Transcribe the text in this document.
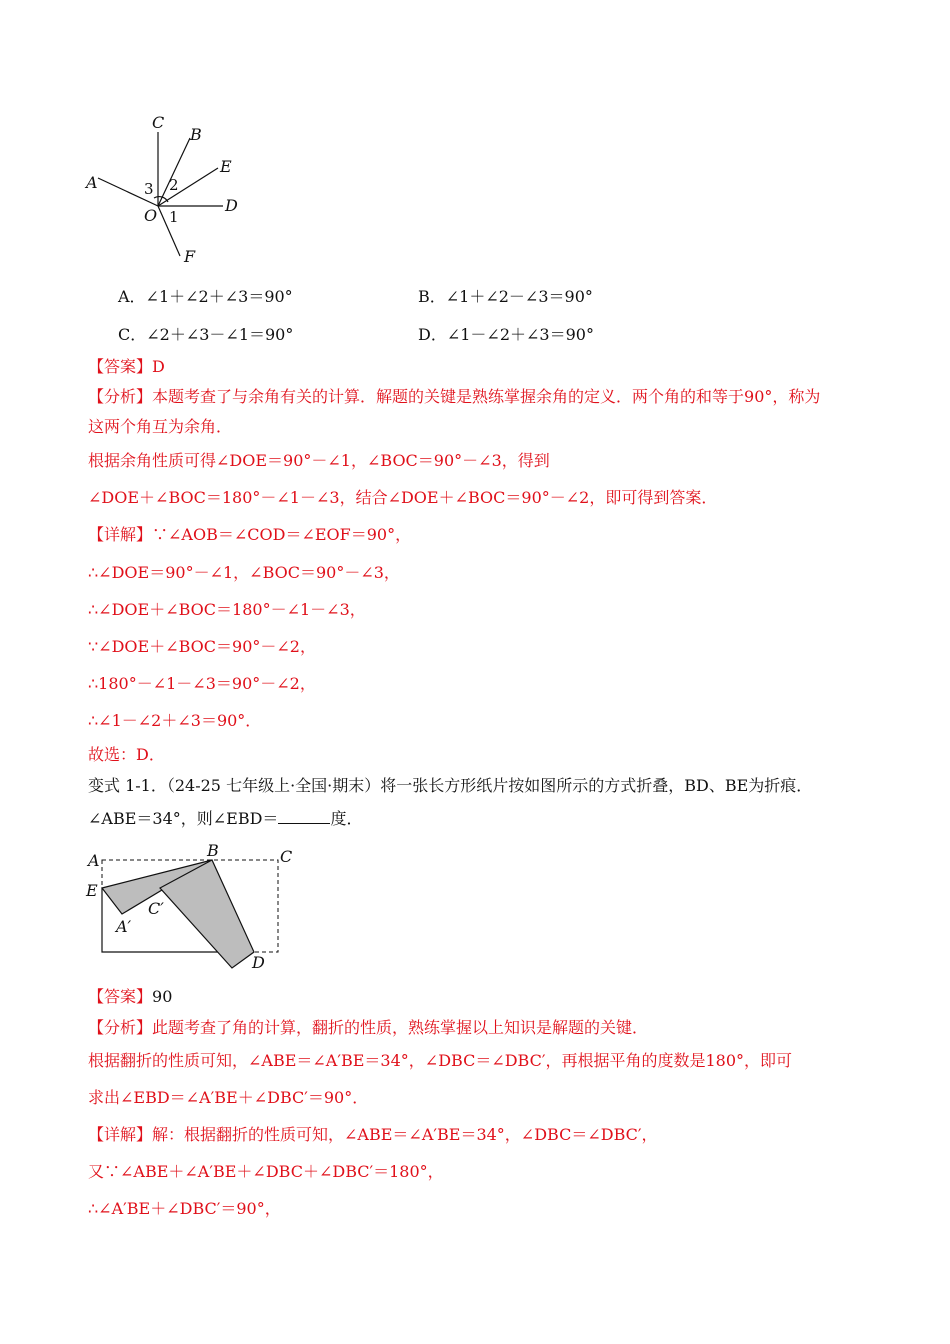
C
B
E
A
D
O
F
3 2
1
A．∠1＋∠2＋∠3＝90°	B．∠1＋∠2－∠3＝90°
C．∠2＋∠3－∠1＝90°	D．∠1－∠2＋∠3＝90°
【答案】D
【分析】本题考查了与余角有关的计算．解题的关键是熟练掌握余角的定义．两个角的和等于90°，称为
这两个角互为余角．
根据余角性质可得∠DOE＝90°－∠1，∠BOC＝90°－∠3，得到
∠DOE＋∠BOC＝180°－∠1－∠3，结合∠DOE＋∠BOC＝90°－∠2，即可得到答案．
【详解】∵∠AOB＝∠COD＝∠EOF＝90°，
∴∠DOE＝90°－∠1，∠BOC＝90°－∠3，
∴∠DOE＋∠BOC＝180°－∠1－∠3，
∵∠DOE＋∠BOC＝90°－∠2，
∴180°－∠1－∠3＝90°－∠2，
∴∠1－∠2＋∠3＝90°．
故选：D．
变式 1-1．（24-25 七年级上·全国·期末）将一张长方形纸片按如图所示的方式折叠，BD、BE为折痕．
∠ABE＝34°，则∠EBD＝	度．
A
B	C
E
C′
A′
D
【答案】90
【分析】此题考查了角的计算，翻折的性质，熟练掌握以上知识是解题的关键．
根据翻折的性质可知，∠ABE＝∠A′BE＝34°，∠DBC＝∠DBC′，再根据平角的度数是180°，即可
求出∠EBD＝∠A′BE＋∠DBC′＝90°．
【详解】解：根据翻折的性质可知，∠ABE＝∠A′BE＝34°，∠DBC＝∠DBC′，
又∵∠ABE＋∠A′BE＋∠DBC＋∠DBC′＝180°，
∴∠A′BE＋∠DBC′＝90°，
